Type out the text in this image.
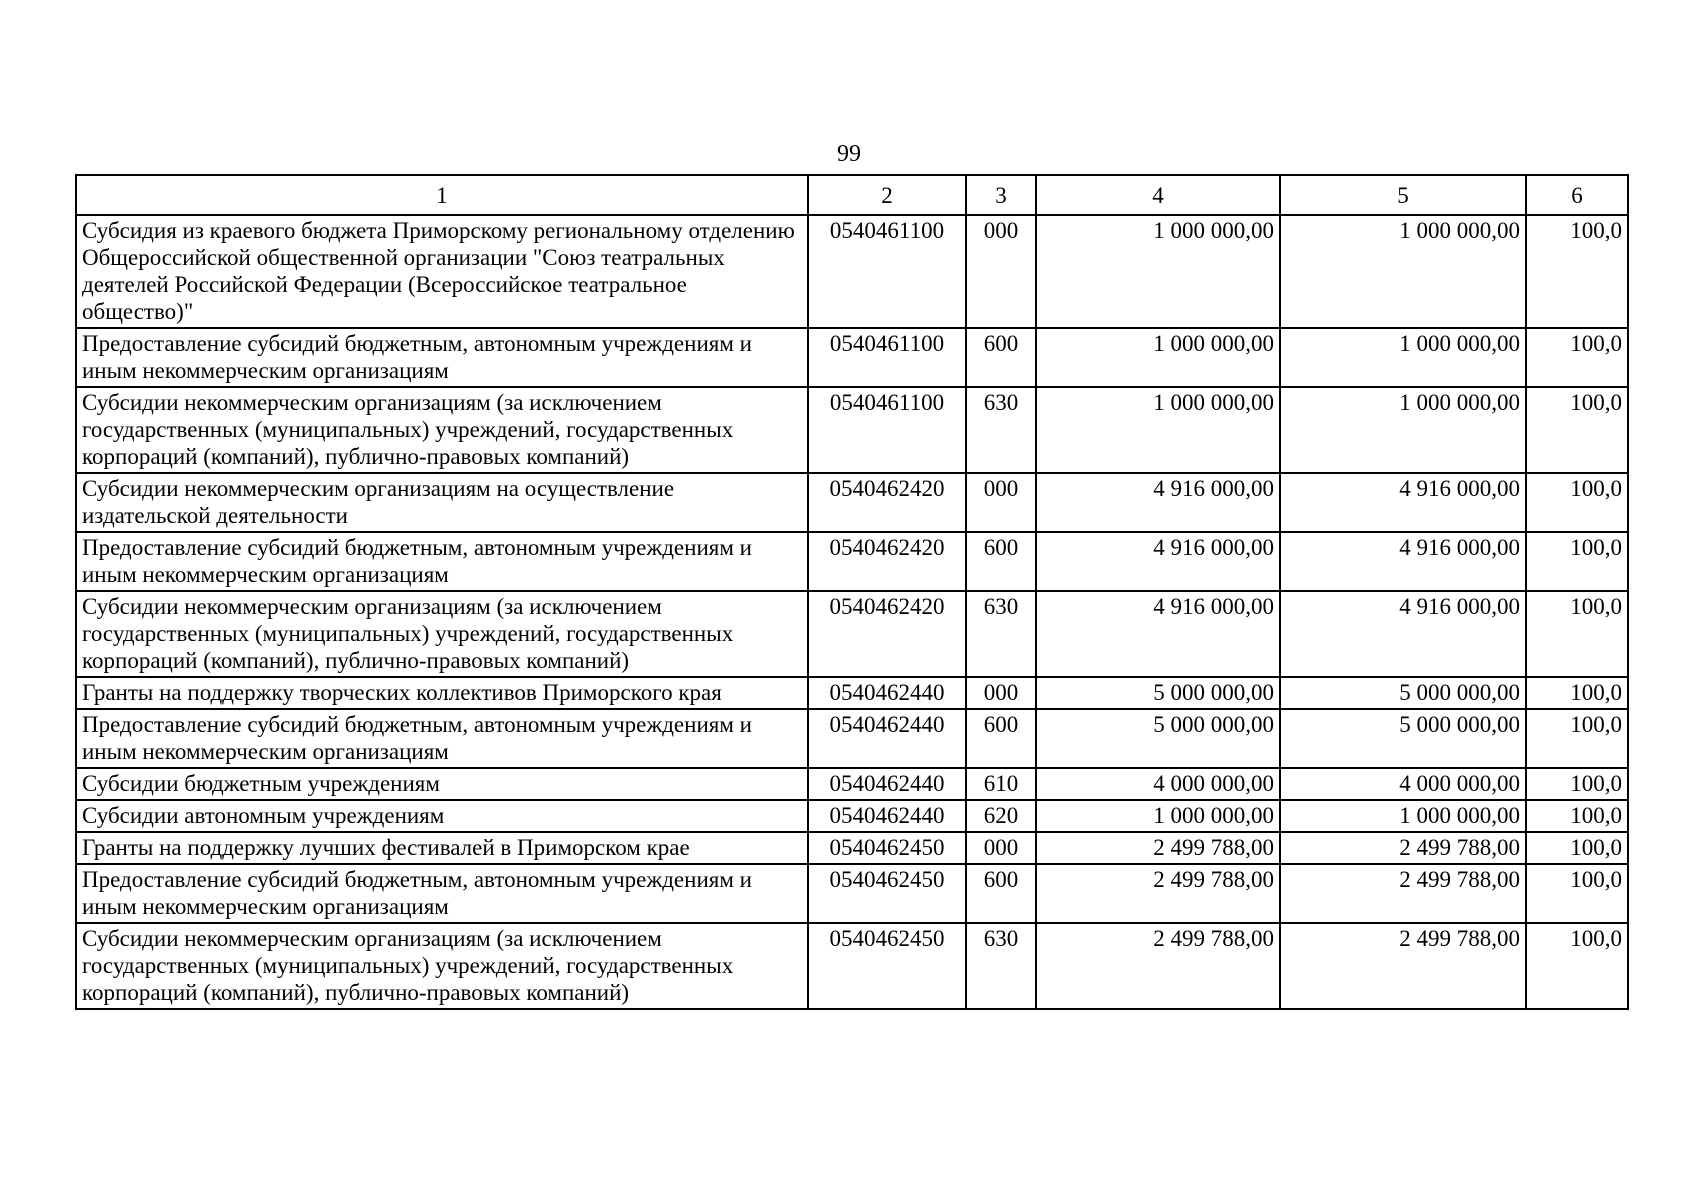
99
1	2	3	4	5	6
Субсидия из краевого бюджета Приморскому региональному отделению Общероссийской общественной организации "Союз театральных деятелей Российской Федерации (Всероссийское театральное общество)"	0540461100	000	1 000 000,00	1 000 000,00	100,0
Предоставление субсидий бюджетным, автономным учреждениям и иным некоммерческим организациям	0540461100	600	1 000 000,00	1 000 000,00	100,0
Субсидии некоммерческим организациям (за исключением государственных (муниципальных) учреждений, государственных корпораций (компаний), публично-правовых компаний)	0540461100	630	1 000 000,00	1 000 000,00	100,0
Субсидии некоммерческим организациям на осуществление издательской деятельности	0540462420	000	4 916 000,00	4 916 000,00	100,0
Предоставление субсидий бюджетным, автономным учреждениям и иным некоммерческим организациям	0540462420	600	4 916 000,00	4 916 000,00	100,0
Субсидии некоммерческим организациям (за исключением государственных (муниципальных) учреждений, государственных корпораций (компаний), публично-правовых компаний)	0540462420	630	4 916 000,00	4 916 000,00	100,0
Гранты на поддержку творческих коллективов Приморского края	0540462440	000	5 000 000,00	5 000 000,00	100,0
Предоставление субсидий бюджетным, автономным учреждениям и иным некоммерческим организациям	0540462440	600	5 000 000,00	5 000 000,00	100,0
Субсидии бюджетным учреждениям	0540462440	610	4 000 000,00	4 000 000,00	100,0
Субсидии автономным учреждениям	0540462440	620	1 000 000,00	1 000 000,00	100,0
Гранты на поддержку лучших фестивалей в Приморском крае	0540462450	000	2 499 788,00	2 499 788,00	100,0
Предоставление субсидий бюджетным, автономным учреждениям и иным некоммерческим организациям	0540462450	600	2 499 788,00	2 499 788,00	100,0
Субсидии некоммерческим организациям (за исключением государственных (муниципальных) учреждений, государственных корпораций (компаний), публично-правовых компаний)	0540462450	630	2 499 788,00	2 499 788,00	100,0
